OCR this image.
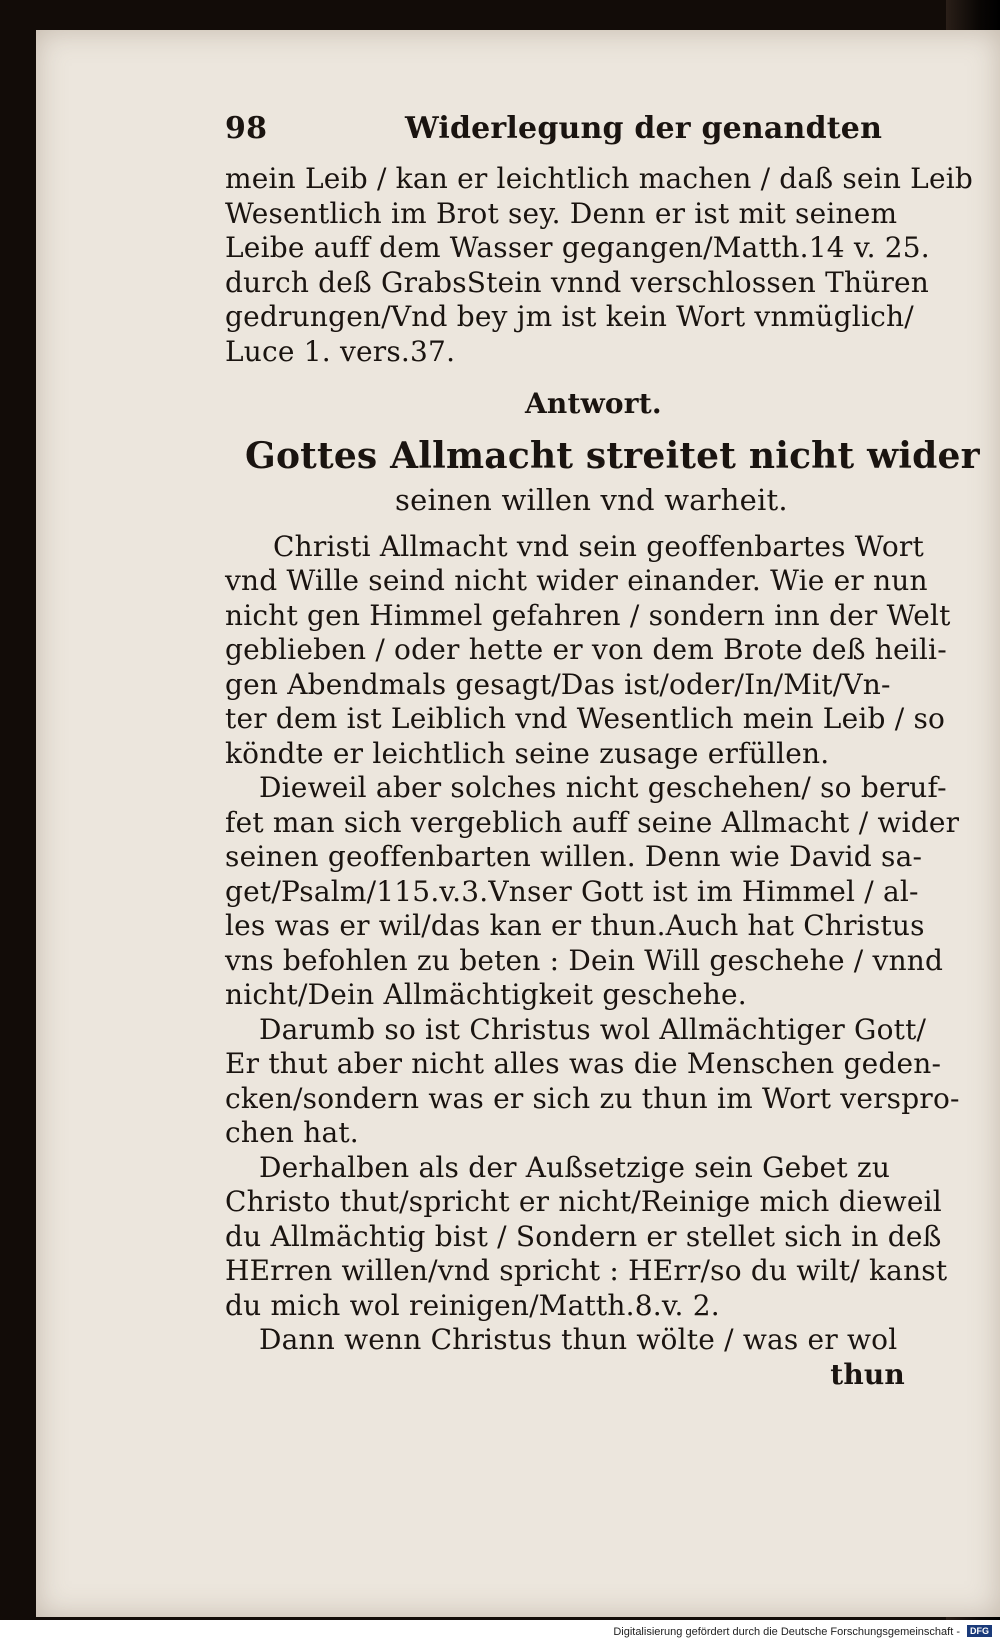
98	Widerlegung der genandten
mein Leib / kan er leichtlich machen / daß sein Leib
Wesentlich im Brot sey. Denn er ist mit seinem
Leibe auff dem Wasser gegangen/Matth.14 v. 25.
durch deß GrabsStein vnnd verschlossen Thüren
gedrungen/Vnd bey jm ist kein Wort vnmüglich/
Luce 1. vers.37.
Antwort.
Gottes Allmacht streitet nicht wider
seinen willen vnd warheit.
Christi Allmacht vnd sein geoffenbartes Wort
vnd Wille seind nicht wider einander. Wie er nun
nicht gen Himmel gefahren / sondern inn der Welt
geblieben / oder hette er von dem Brote deß heili-
gen Abendmals gesagt/Das ist/oder/In/Mit/Vn-
ter dem ist Leiblich vnd Wesentlich mein Leib / so
köndte er leichtlich seine zusage erfüllen.
Dieweil aber solches nicht geschehen/ so beruf-
fet man sich vergeblich auff seine Allmacht / wider
seinen geoffenbarten willen. Denn wie David sa-
get/Psalm/115.v.3.Vnser Gott ist im Himmel / al-
les was er wil/das kan er thun.Auch hat Christus
vns befohlen zu beten : Dein Will geschehe / vnnd
nicht/Dein Allmächtigkeit geschehe.
Darumb so ist Christus wol Allmächtiger Gott/
Er thut aber nicht alles was die Menschen geden-
cken/sondern was er sich zu thun im Wort verspro-
chen hat.
Derhalben als der Außsetzige sein Gebet zu
Christo thut/spricht er nicht/Reinige mich dieweil
du Allmächtig bist / Sondern er stellet sich in deß
HErren willen/vnd spricht : HErr/so du wilt/ kanst
du mich wol reinigen/Matth.8.v. 2.
Dann wenn Christus thun wölte / was er wol
thun
Digitalisierung gefördert durch die Deutsche Forschungsgemeinschaft -	DFG
